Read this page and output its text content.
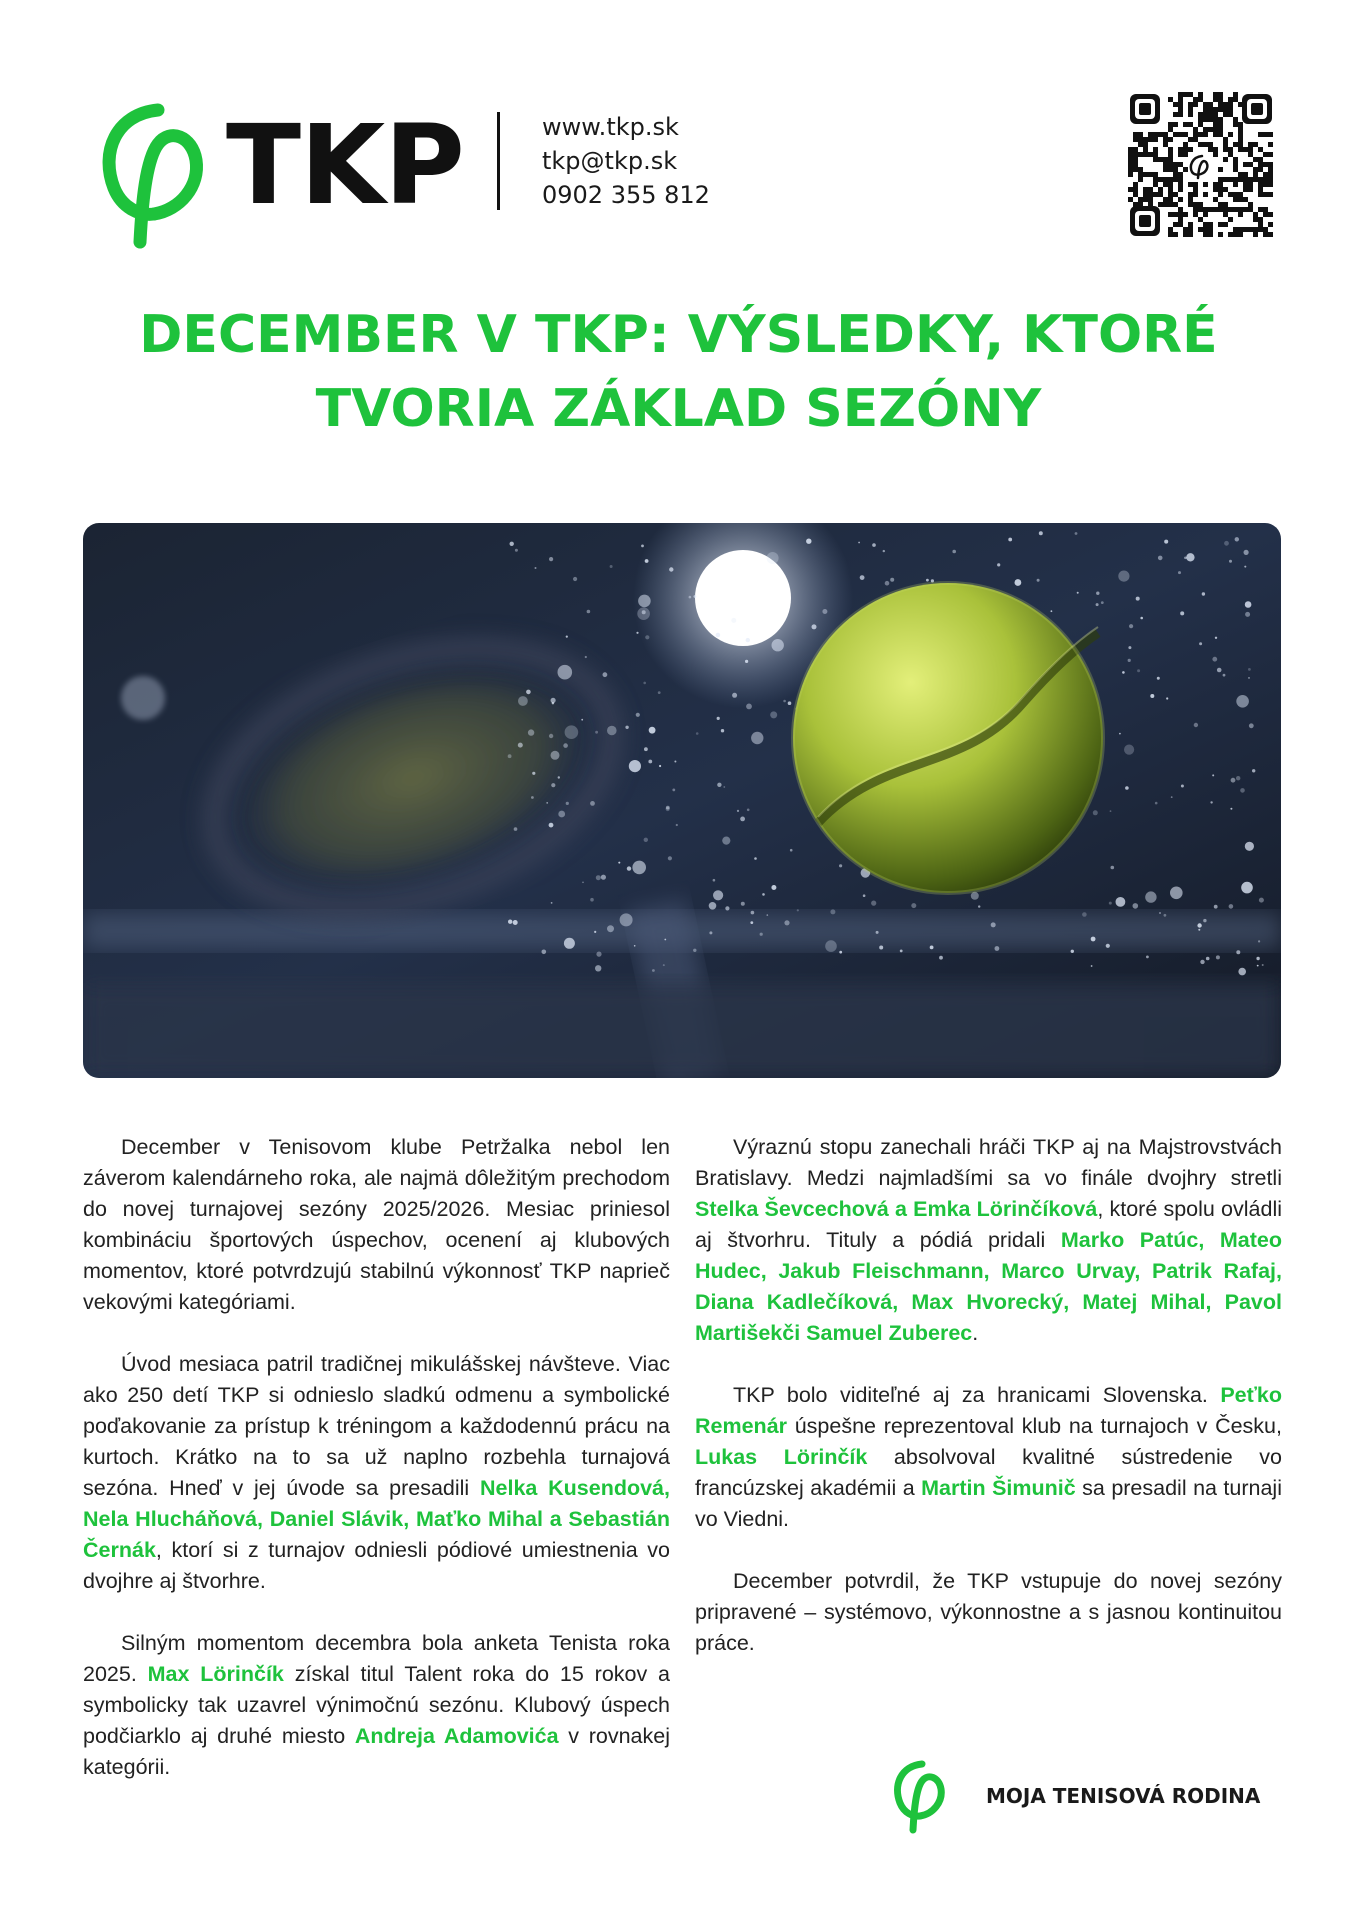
TKP	www.tkp.sk
tkp@tkp.sk
0902 355 812
DECEMBER V TKP: VÝSLEDKY, KTORÉ
TVORIA ZÁKLAD SEZÓNY

December v Tenisovom klube Petržalka nebol len záverom kalendárneho roka, ale najmä dôležitým prechodom do novej turnajovej sezóny 2025/2026. Mesiac priniesol kombináciu športových úspechov, ocenení aj klubových momentov, ktoré potvrdzujú stabilnú výkonnosť TKP naprieč vekovými kategóriami.

Úvod mesiaca patril tradičnej mikulášskej návšteve. Viac ako 250 detí TKP si odnieslo sladkú odmenu a symbolické poďakovanie za prístup k tréningom a každodennú prácu na kurtoch. Krátko na to sa už naplno rozbehla turnajová sezóna. Hneď v jej úvode sa presadili Nelka Kusendová, Nela Hlucháňová, Daniel Slávik, Maťko Mihal a Sebastián Černák, ktorí si z turnajov odniesli pódiové umiestnenia vo dvojhre aj štvorhre.

Silným momentom decembra bola anketa Tenista roka 2025. Max Lörinčík získal titul Talent roka do 15 rokov a symbolicky tak uzavrel výnimočnú sezónu. Klubový úspech podčiarklo aj druhé miesto Andreja Adamovića v rovnakej kategórii.

Výraznú stopu zanechali hráči TKP aj na Majstrovstvách Bratislavy. Medzi najmladšími sa vo finále dvojhry stretli Stelka Ševcechová a Emka Lörinčíková, ktoré spolu ovládli aj štvorhru. Tituly a pódiá pridali Marko Patúc, Mateo Hudec, Jakub Fleischmann, Marco Urvay, Patrik Rafaj, Diana Kadlečíková, Max Hvorecký, Matej Mihal, Pavol Martišekči Samuel Zuberec.

TKP bolo viditeľné aj za hranicami Slovenska. Peťko Remenár úspešne reprezentoval klub na turnajoch v Česku, Lukas Lörinčík absolvoval kvalitné sústredenie vo francúzskej akadémii a Martin Šimunič sa presadil na turnaji vo Viedni.

December potvrdil, že TKP vstupuje do novej sezóny pripravené – systémovo, výkonnostne a s jasnou kontinuitou práce.

MOJA TENISOVÁ RODINA
